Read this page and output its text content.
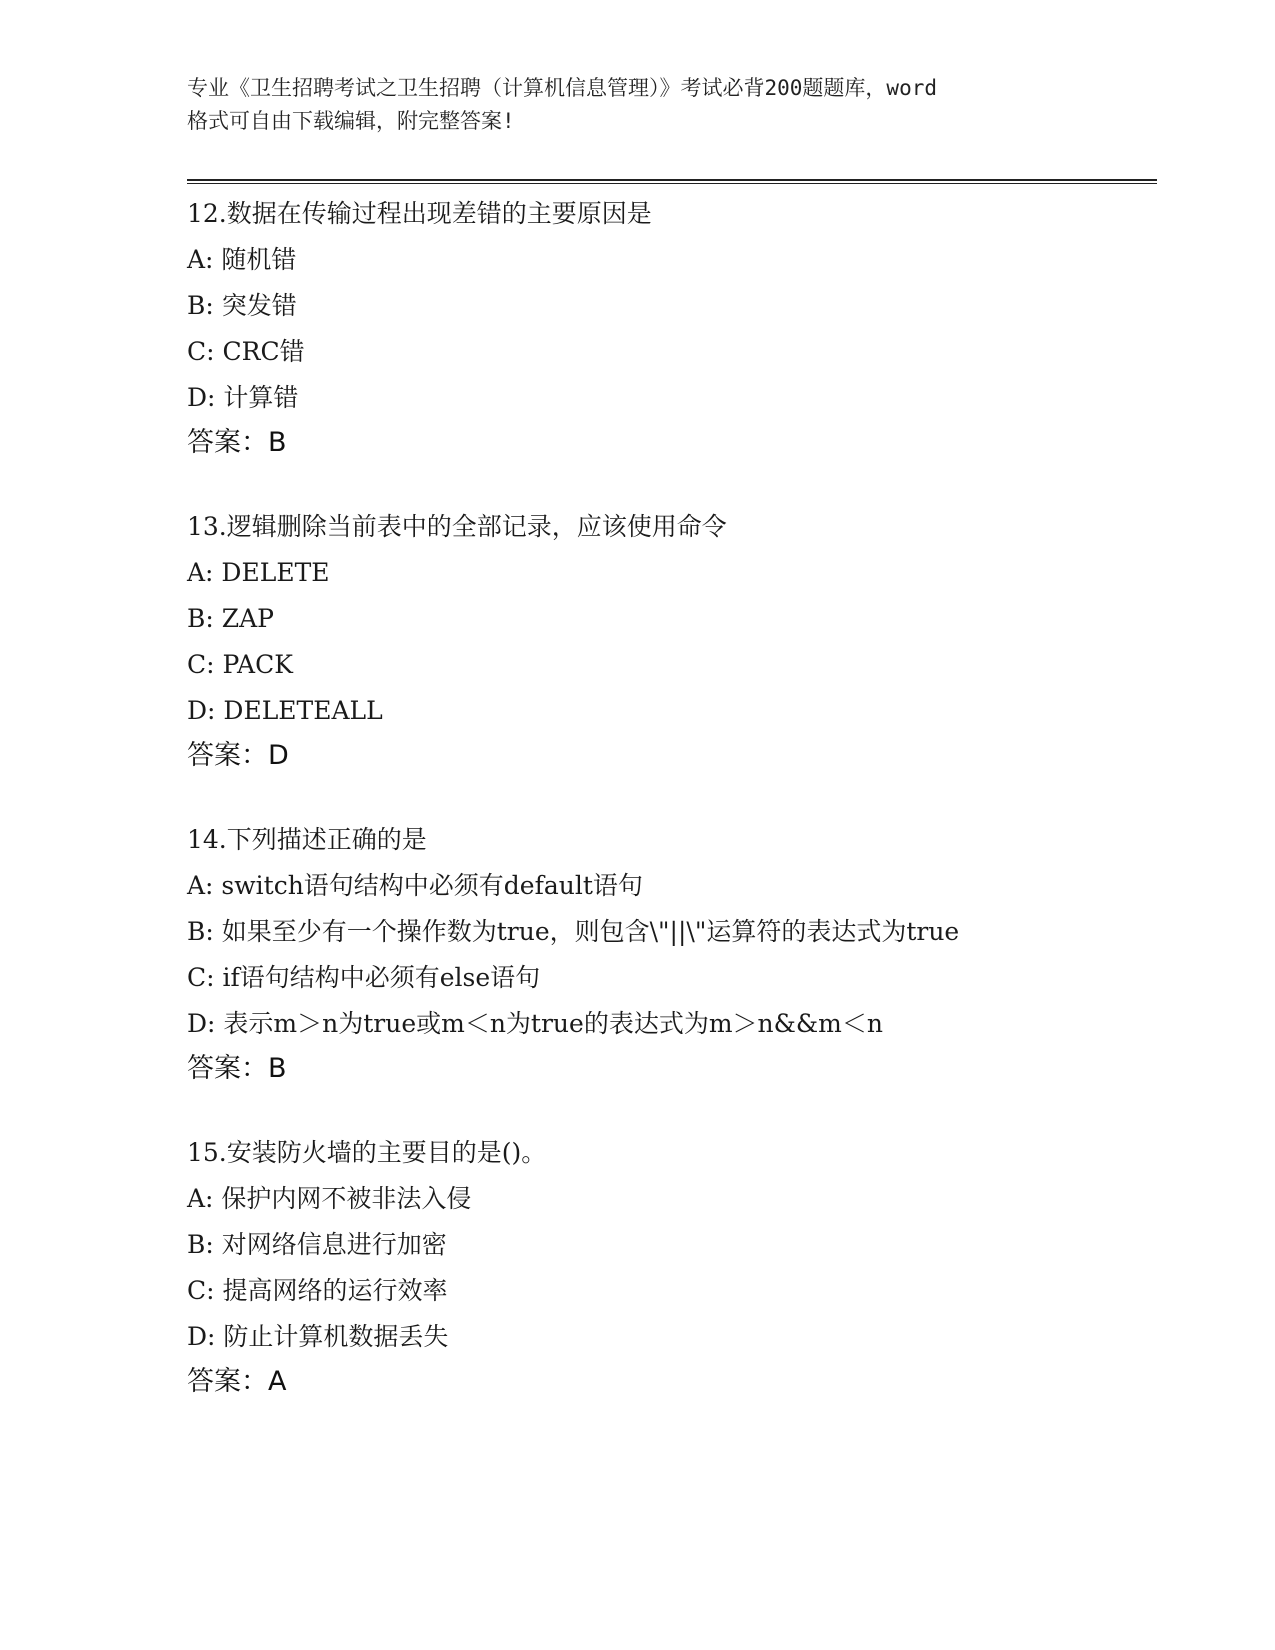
专业《卫生招聘考试之卫生招聘（计算机信息管理）》考试必背200题题库，word
格式可自由下载编辑，附完整答案!
12.数据在传输过程出现差错的主要原因是
A: 随机错
B: 突发错
C: CRC错
D: 计算错
答案：B
13.逻辑删除当前表中的全部记录，应该使用命令
A: DELETE
B: ZAP
C: PACK
D: DELETEALL
答案：D
14.下列描述正确的是
A: switch语句结构中必须有default语句
B: 如果至少有一个操作数为true，则包含\"||\"运算符的表达式为true
C: if语句结构中必须有else语句
D: 表示m＞n为true或m＜n为true的表达式为m＞n&&m＜n
答案：B
15.安装防火墙的主要目的是()。
A: 保护内网不被非法入侵
B: 对网络信息进行加密
C: 提高网络的运行效率
D: 防止计算机数据丢失
答案：A
